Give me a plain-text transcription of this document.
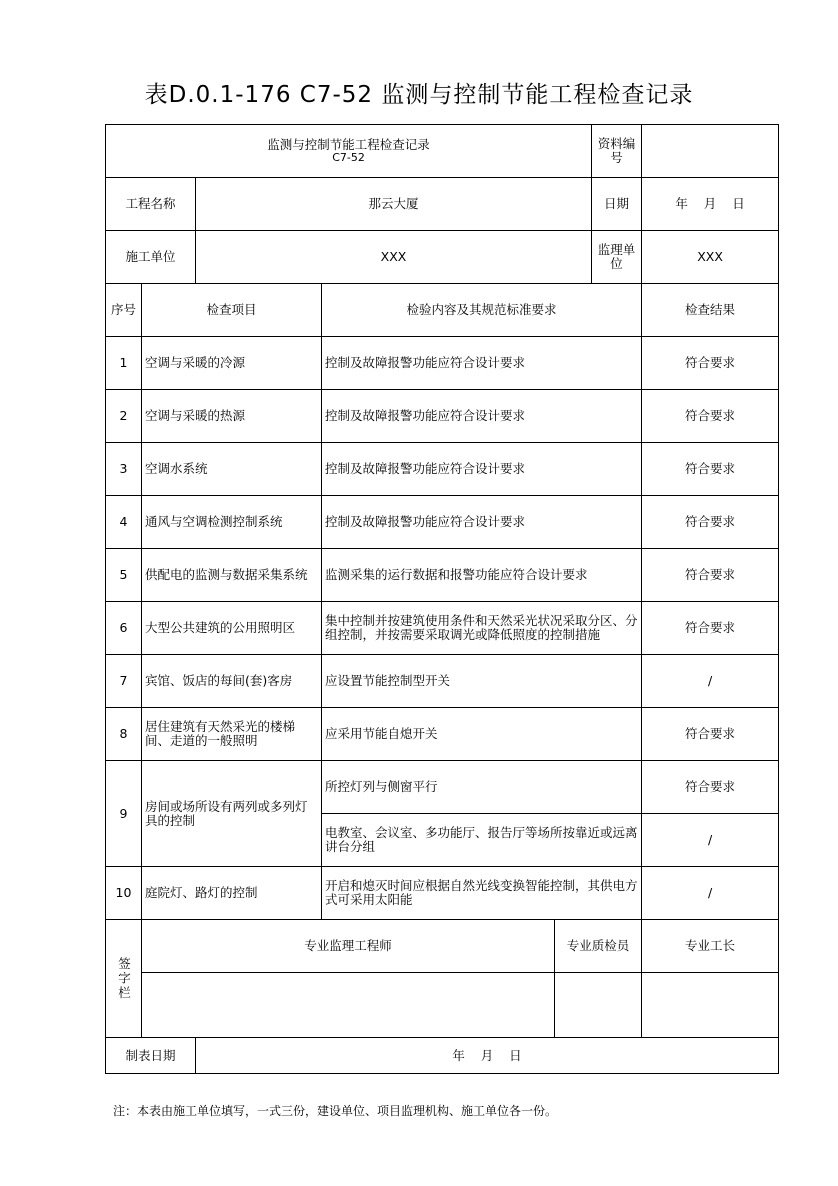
表D.0.1-176 C7-52 监测与控制节能工程检查记录
监测与控制节能工程检查记录
C7-52					资料编号	
工程名称		那云大厦			日期	年    月    日
施工单位		XXX			监理单位	XXX
序号	检查项目		检验内容及其规范标准要求			检查结果
1	空调与采暖的冷源		控制及故障报警功能应符合设计要求			符合要求
2	空调与采暖的热源		控制及故障报警功能应符合设计要求			符合要求
3	空调水系统		控制及故障报警功能应符合设计要求			符合要求
4	通风与空调检测控制系统		控制及故障报警功能应符合设计要求			符合要求
5	供配电的监测与数据采集系统		监测采集的运行数据和报警功能应符合设计要求			符合要求
6	大型公共建筑的公用照明区		集中控制并按建筑使用条件和天然采光状况采取分区、分组控制，并按需要采取调光或降低照度的控制措施			符合要求
7	宾馆、饭店的每间(套)客房		应设置节能控制型开关			/
8	居住建筑有天然采光的楼梯间、走道的一般照明		应采用节能自熄开关			符合要求
9	房间或场所设有两列或多列灯具的控制		所控灯列与侧窗平行			符合要求
			电教室、会议室、多功能厅、报告厅等场所按靠近或远离讲台分组			/
10	庭院灯、路灯的控制		开启和熄灭时间应根据自然光线变换智能控制，其供电方式可采用太阳能			/

签字栏	专业监理工程师			专业质检员		专业工长

制表日期		年    月    日				
注：本表由施工单位填写，一式三份，建设单位、项目监理机构、施工单位各一份。
